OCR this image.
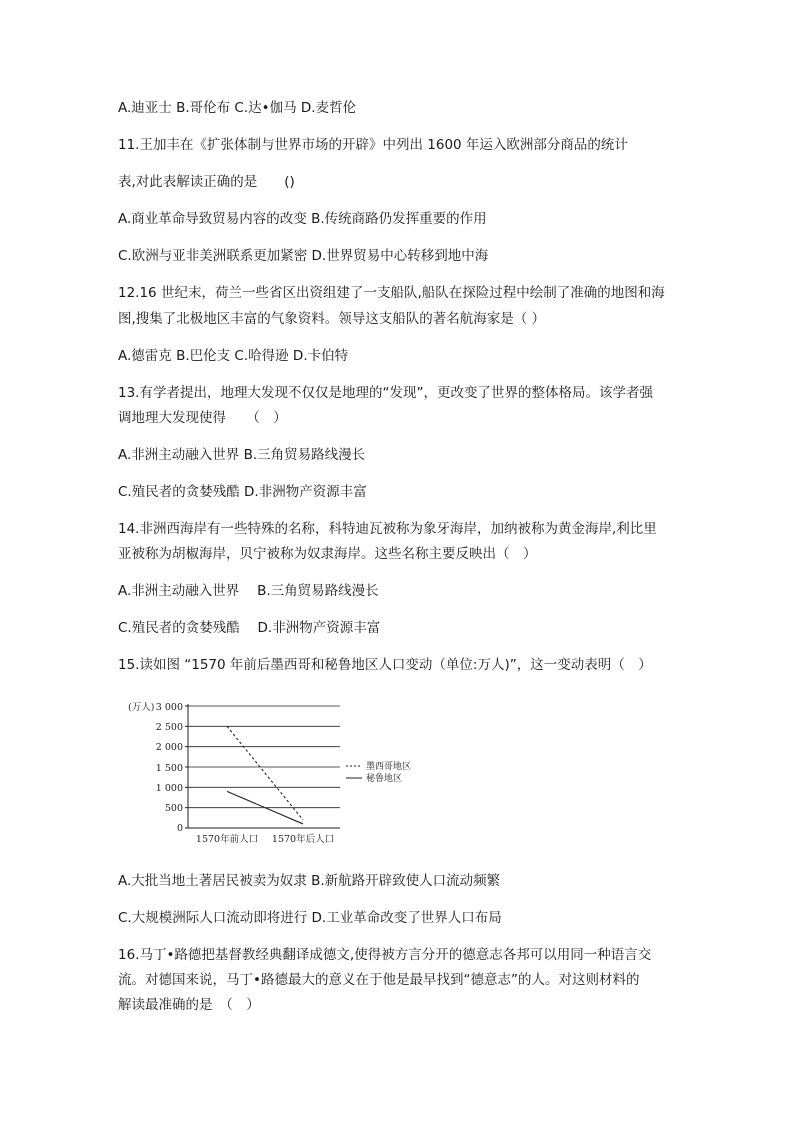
A.迪亚士 B.哥伦布 C.达•伽马 D.麦哲伦
11.王加丰在《扩张体制与世界市场的开辟》中列出 1600 年运入欧洲部分商品的统计
表,对此表解读正确的是　　()
A.商业革命导致贸易内容的改变 B.传统商路仍发挥重要的作用
C.欧洲与亚非美洲联系更加紧密 D.世界贸易中心转移到地中海
12.16 世纪末，荷兰一些省区出资组建了一支船队,船队在探险过程中绘制了准确的地图和海
图,搜集了北极地区丰富的气象资料。领导这支船队的著名航海家是（ ）
A.德雷克 B.巴伦支 C.哈得逊 D.卡伯特
13.有学者提出，地理大发现不仅仅是地理的“发现”，更改变了世界的整体格局。该学者强
调地理大发现使得　　（　）
A.非洲主动融入世界 B.三角贸易路线漫长
C.殖民者的贪婪残酷 D.非洲物产资源丰富
14.非洲西海岸有一些特殊的名称，科特迪瓦被称为象牙海岸，加纳被称为黄金海岸,利比里
亚被称为胡椒海岸，贝宁被称为奴隶海岸。这些名称主要反映出（　）
A.非洲主动融入世界　 B.三角贸易路线漫长
C.殖民者的贪婪残酷　 D.非洲物产资源丰富
15.读如图 “1570 年前后墨西哥和秘鲁地区人口变动（单位:万人)”，这一变动表明（　）
(万人) 3 000
2 500
2 000
1 500
1 000
500
0
1570年前人口 1570年后人口
墨西哥地区
秘鲁地区
A.大批当地土著居民被卖为奴隶 B.新航路开辟致使人口流动频繁
C.大规模洲际人口流动即将进行 D.工业革命改变了世界人口布局
16.马丁•路德把基督教经典翻译成德文,使得被方言分开的德意志各邦可以用同一种语言交
流。对德国来说，马丁•路德最大的意义在于他是最早找到“德意志”的人。对这则材料的
解读最准确的是　（　）
